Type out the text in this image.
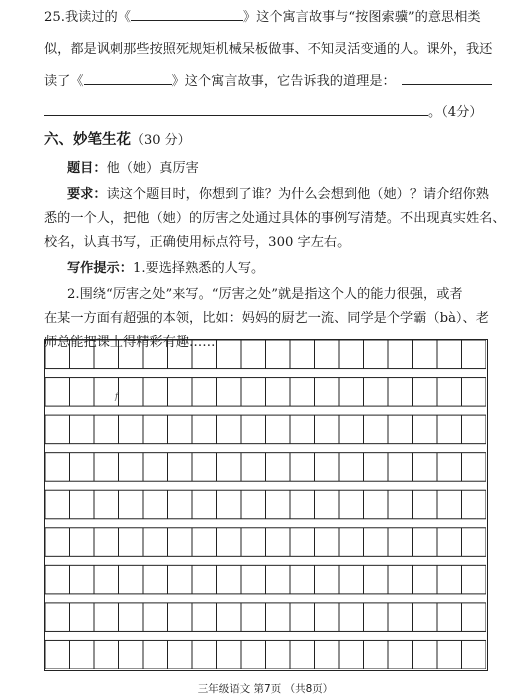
25.我读过的《	》这个寓言故事与“按图索骥”的意思相类
似，都是讽刺那些按照死规矩机械呆板做事、不知灵活变通的人。课外，我还
读了《	》这个寓言故事，它告诉我的道理是：
。（4分）
六、妙笔生花（30 分）
题目：他（她）真厉害
要求：读这个题目时，你想到了谁？为什么会想到他（她）？请介绍你熟
悉的一个人，把他（她）的厉害之处通过具体的事例写清楚。不出现真实姓名、
校名，认真书写，正确使用标点符号，300 字左右。
写作提示：1.要选择熟悉的人写。
2.围绕“厉害之处”来写。“厉害之处”就是指这个人的能力很强，或者
在某一方面有超强的本领，比如：妈妈的厨艺一流、同学是个学霸（bà）、老
师总能把课上得精彩有趣……
f
三年级语文 第7页 （共8页）
